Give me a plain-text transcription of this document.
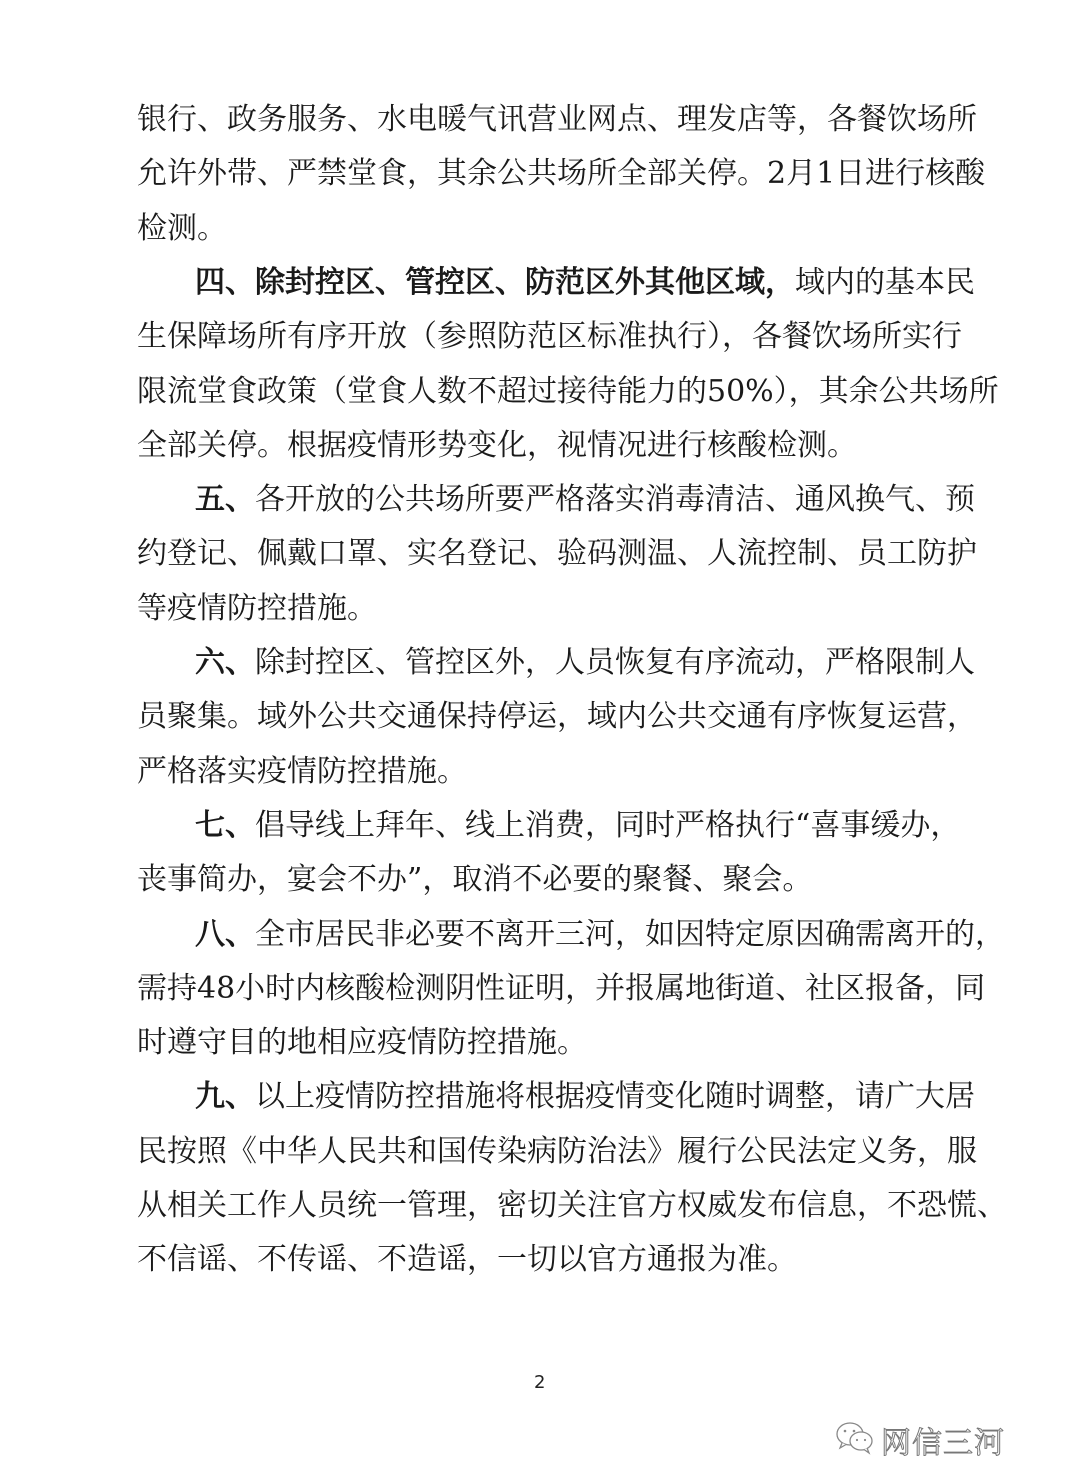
银行、政务服务、水电暖气讯营业网点、理发店等，各餐饮场所
允许外带、严禁堂食，其余公共场所全部关停。2月1日进行核酸
检测。
四、除封控区、管控区、防范区外其他区域，域内的基本民
生保障场所有序开放（参照防范区标准执行），各餐饮场所实行
限流堂食政策（堂食人数不超过接待能力的50%），其余公共场所
全部关停。根据疫情形势变化，视情况进行核酸检测。
五、各开放的公共场所要严格落实消毒清洁、通风换气、预
约登记、佩戴口罩、实名登记、验码测温、人流控制、员工防护
等疫情防控措施。
六、除封控区、管控区外，人员恢复有序流动，严格限制人
员聚集。域外公共交通保持停运，域内公共交通有序恢复运营，
严格落实疫情防控措施。
七、倡导线上拜年、线上消费，同时严格执行“喜事缓办，
丧事简办，宴会不办”，取消不必要的聚餐、聚会。
八、全市居民非必要不离开三河，如因特定原因确需离开的，
需持48小时内核酸检测阴性证明，并报属地街道、社区报备，同
时遵守目的地相应疫情防控措施。
九、以上疫情防控措施将根据疫情变化随时调整，请广大居
民按照《中华人民共和国传染病防治法》履行公民法定义务，服
从相关工作人员统一管理，密切关注官方权威发布信息，不恐慌、
不信谣、不传谣、不造谣，一切以官方通报为准。
2
网信三河
